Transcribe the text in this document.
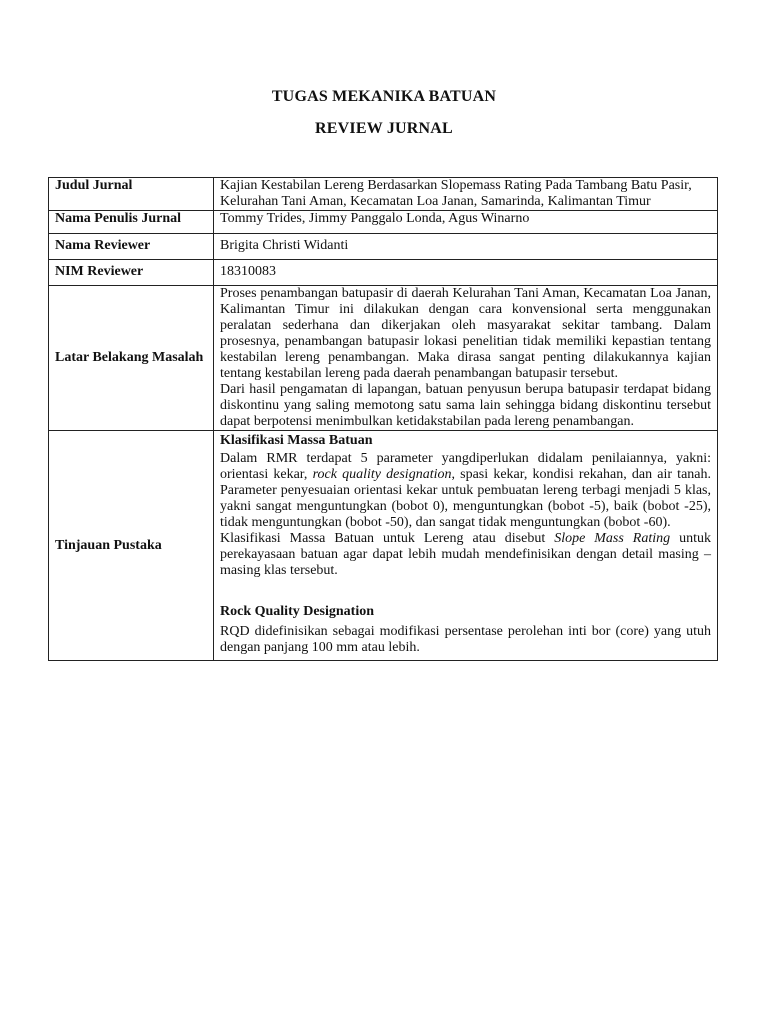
TUGAS MEKANIKA BATUAN
REVIEW JURNAL
Judul Jurnal	Kajian Kestabilan Lereng Berdasarkan Slopemass Rating Pada Tambang Batu Pasir, Kelurahan Tani Aman, Kecamatan Loa Janan, Samarinda, Kalimantan Timur
Nama Penulis Jurnal	Tommy Trides, Jimmy Panggalo Londa, Agus Winarno
Nama Reviewer	Brigita Christi Widanti
NIM Reviewer	18310083
Latar Belakang Masalah	Proses penambangan batupasir di daerah Kelurahan Tani Aman, Kecamatan Loa Janan, Kalimantan Timur ini dilakukan dengan cara konvensional serta menggunakan peralatan sederhana dan dikerjakan oleh masyarakat sekitar tambang. Dalam prosesnya, penambangan batupasir lokasi penelitian tidak memiliki kepastian tentang kestabilan lereng penambangan. Maka dirasa sangat penting dilakukannya kajian tentang kestabilan lereng pada daerah penambangan batupasir tersebut.

Dari hasil pengamatan di lapangan, batuan penyusun berupa batupasir terdapat bidang diskontinu yang saling memotong satu sama lain sehingga bidang diskontinu tersebut dapat berpotensi menimbulkan ketidakstabilan pada lereng penambangan.

Tinjauan Pustaka	Klasifikasi Massa Batuan

Dalam RMR terdapat 5 parameter yangdiperlukan didalam penilaiannya, yakni: orientasi kekar, rock quality designation, spasi kekar, kondisi rekahan, dan air tanah. Parameter penyesuaian orientasi kekar untuk pembuatan lereng terbagi menjadi 5 klas, yakni sangat menguntungkan (bobot 0), menguntungkan (bobot -5), baik (bobot -25), tidak menguntungkan (bobot -50), dan sangat tidak menguntungkan (bobot -60).

Klasifikasi Massa Batuan untuk Lereng atau disebut Slope Mass Rating untuk perekayasaan batuan agar dapat lebih mudah mendefinisikan dengan detail masing – masing klas tersebut.

Rock Quality Designation

RQD didefinisikan sebagai modifikasi persentase perolehan inti bor (core) yang utuh dengan panjang 100 mm atau lebih.
